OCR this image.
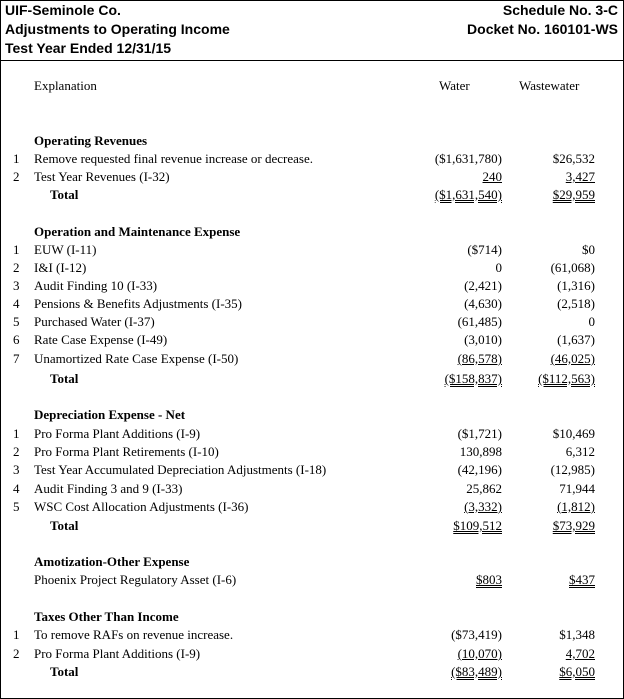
UIF-Seminole Co.
Adjustments to Operating Income
Test Year Ended 12/31/15
Schedule No. 3-C
Docket No. 160101-WS
Explanation	Water	Wastewater
Operating Revenues
1 Remove requested final revenue increase or decrease.	($1,631,780)	$26,532
2 Test Year Revenues (I-32)	240	3,427
Total	($1,631,540)	$29,959
Operation and Maintenance Expense
1 EUW (I-11)	($714)	$0
2 I&I (I-12)	0	(61,068)
3 Audit Finding 10 (I-33)	(2,421)	(1,316)
4 Pensions & Benefits Adjustments (I-35)	(4,630)	(2,518)
5 Purchased Water (I-37)	(61,485)	0
6 Rate Case Expense (I-49)	(3,010)	(1,637)
7 Unamortized Rate Case Expense (I-50)	(86,578)	(46,025)
Total	($158,837)	($112,563)
Depreciation Expense - Net
1 Pro Forma Plant Additions (I-9)	($1,721)	$10,469
2 Pro Forma Plant Retirements (I-10)	130,898	6,312
3 Test Year Accumulated Depreciation Adjustments (I-18)	(42,196)	(12,985)
4 Audit Finding 3 and 9 (I-33)	25,862	71,944
5 WSC Cost Allocation Adjustments (I-36)	(3,332)	(1,812)
Total	$109,512	$73,929
Amotization-Other Expense
Phoenix Project Regulatory Asset (I-6)	$803	$437
Taxes Other Than Income
1 To remove RAFs on revenue increase.	($73,419)	$1,348
2 Pro Forma Plant Additions (I-9)	(10,070)	4,702
Total	($83,489)	$6,050
